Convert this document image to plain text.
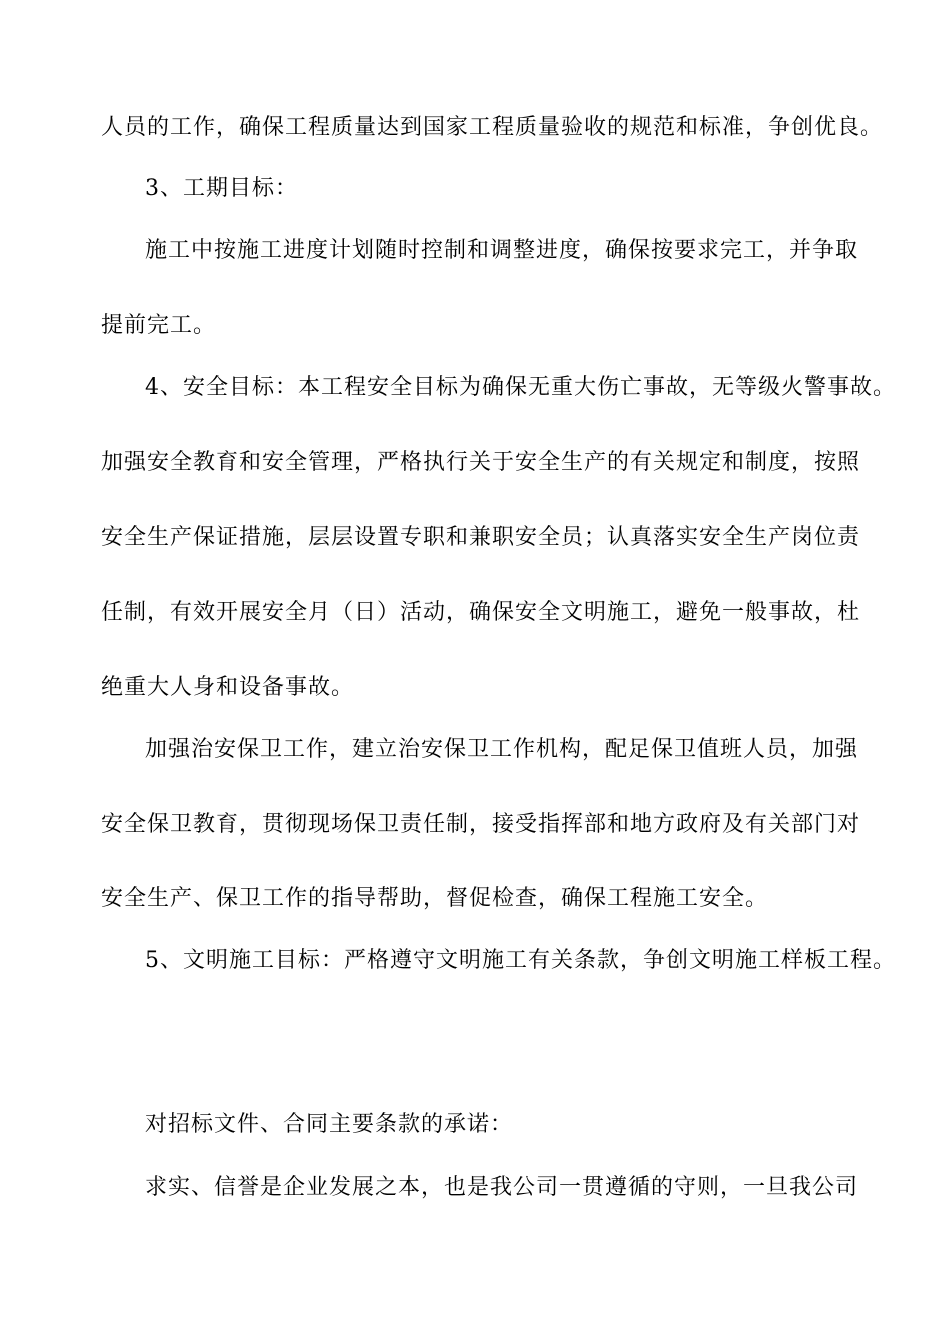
人员的工作，确保工程质量达到国家工程质量验收的规范和标准，争创优良。
3、工期目标：
施工中按施工进度计划随时控制和调整进度，确保按要求完工，并争取
提前完工。
4、安全目标：本工程安全目标为确保无重大伤亡事故，无等级火警事故。
加强安全教育和安全管理，严格执行关于安全生产的有关规定和制度，按照
安全生产保证措施，层层设置专职和兼职安全员；认真落实安全生产岗位责
任制，有效开展安全月（日）活动，确保安全文明施工，避免一般事故，杜
绝重大人身和设备事故。
加强治安保卫工作，建立治安保卫工作机构，配足保卫值班人员，加强
安全保卫教育，贯彻现场保卫责任制，接受指挥部和地方政府及有关部门对
安全生产、保卫工作的指导帮助，督促检查，确保工程施工安全。
5、文明施工目标：严格遵守文明施工有关条款，争创文明施工样板工程。
对招标文件、合同主要条款的承诺：
求实、信誉是企业发展之本，也是我公司一贯遵循的守则，一旦我公司
